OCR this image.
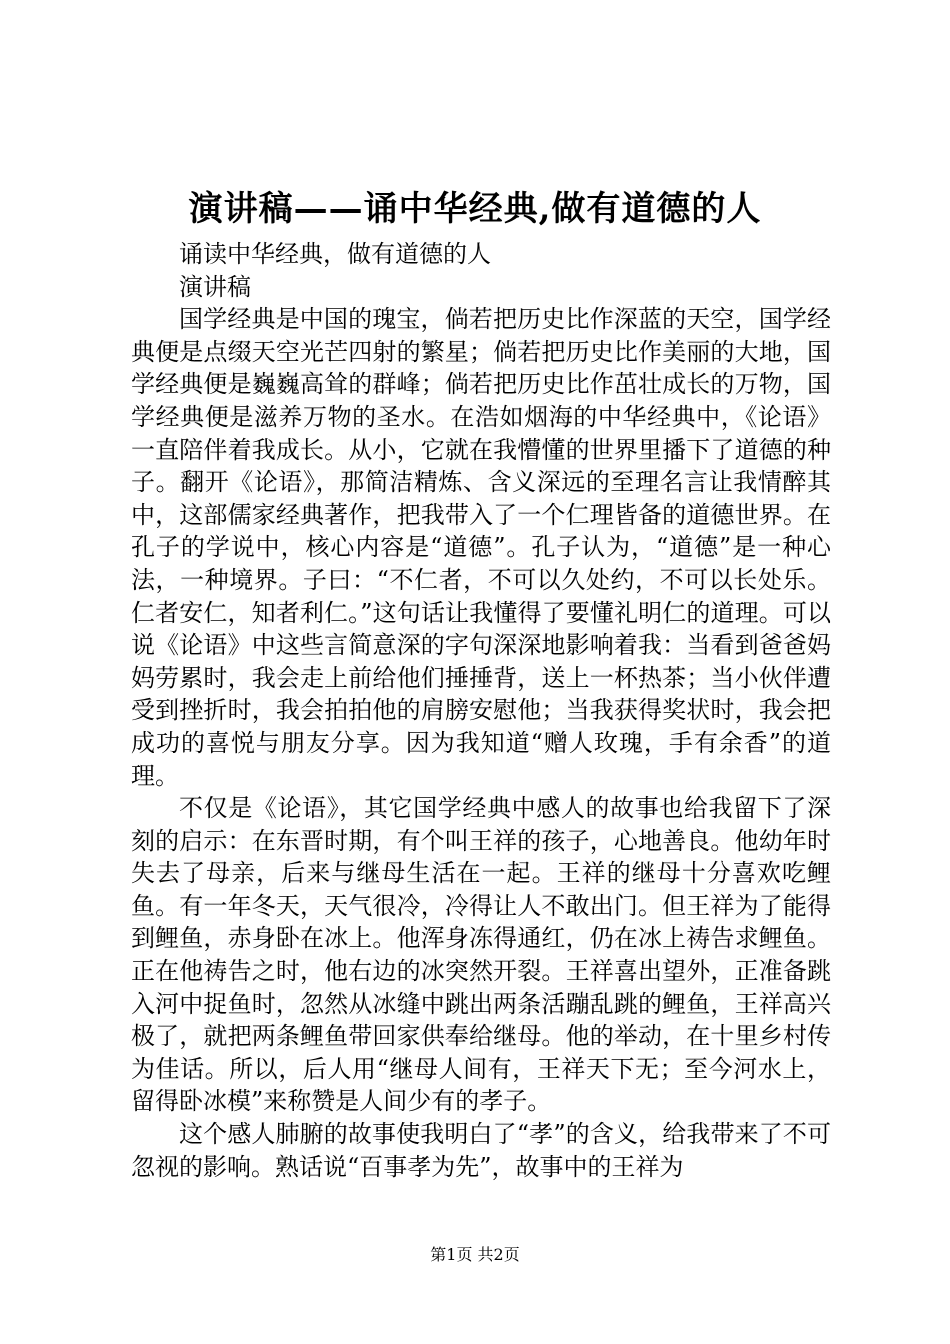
演讲稿——诵中华经典,做有道德的人

诵读中华经典，做有道德的人

演讲稿

国学经典是中国的瑰宝，倘若把历史比作深蓝的天空，国学经典便是点缀天空光芒四射的繁星；倘若把历史比作美丽的大地，国学经典便是巍巍高耸的群峰；倘若把历史比作茁壮成长的万物，国学经典便是滋养万物的圣水。在浩如烟海的中华经典中，《论语》一直陪伴着我成长。从小，它就在我懵懂的世界里播下了道德的种子。翻开《论语》，那简洁精炼、含义深远的至理名言让我情醉其中，这部儒家经典著作，把我带入了一个仁理皆备的道德世界。在孔子的学说中，核心内容是“道德”。孔子认为，“道德”是一种心法，一种境界。子曰：“不仁者，不可以久处约，不可以长处乐。仁者安仁，知者利仁。”这句话让我懂得了要懂礼明仁的道理。可以说《论语》中这些言简意深的字句深深地影响着我：当看到爸爸妈妈劳累时，我会走上前给他们捶捶背，送上一杯热茶；当小伙伴遭受到挫折时，我会拍拍他的肩膀安慰他；当我获得奖状时，我会把成功的喜悦与朋友分享。因为我知道“赠人玫瑰，手有余香”的道理。

不仅是《论语》，其它国学经典中感人的故事也给我留下了深刻的启示：在东晋时期，有个叫王祥的孩子，心地善良。他幼年时失去了母亲，后来与继母生活在一起。王祥的继母十分喜欢吃鲤鱼。有一年冬天，天气很冷，冷得让人不敢出门。但王祥为了能得到鲤鱼，赤身卧在冰上。他浑身冻得通红，仍在冰上祷告求鲤鱼。正在他祷告之时，他右边的冰突然开裂。王祥喜出望外，正准备跳入河中捉鱼时，忽然从冰缝中跳出两条活蹦乱跳的鲤鱼，王祥高兴极了，就把两条鲤鱼带回家供奉给继母。他的举动，在十里乡村传为佳话。所以，后人用“继母人间有，王祥天下无；至今河水上，留得卧冰模”来称赞是人间少有的孝子。

这个感人肺腑的故事使我明白了“孝”的含义，给我带来了不可忽视的影响。熟话说“百事孝为先”，故事中的王祥为

第1页 共2页
